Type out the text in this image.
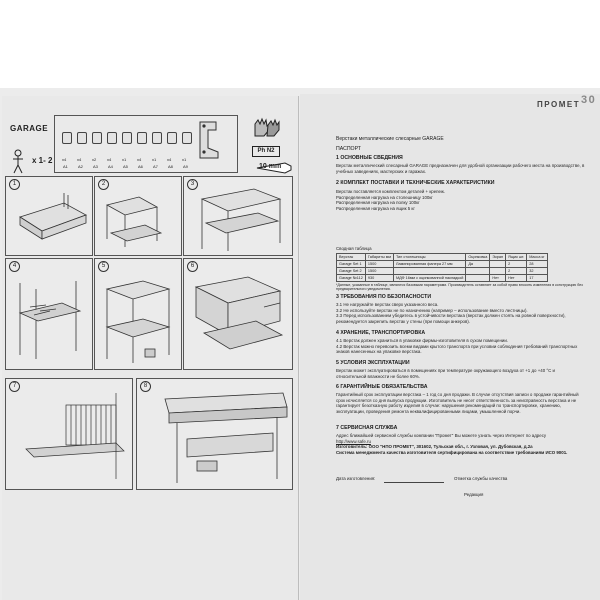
GARAGE
x 1- 2 x4
A1
x4
A2
x2
A3
x4
A4
x1
A5
x4
A6
x1
A7
x4
A8
x1
A9
Ph N2
10 mm
1	2	3
4	5	6
7	8
ПРОМЕТ 30
Верстаки металлические слесарные GARAGE
ПАСПОРТ
1 ОСНОВНЫЕ СВЕДЕНИЯ
Верстак металлический слесарный GARAGE предназначен для удобной организации рабочего места на производстве, в учебных заведениях, мастерских и гаражах.
2 КОМПЛЕКТ ПОСТАВКИ И ТЕХНИЧЕСКИЕ ХАРАКТЕРИСТИКИ
Верстак поставляется комплектом деталей + крепеж.
Распределенная нагрузка на столешницу 100кг
Распределенная нагрузка на полку 100кг
Распределенная нагрузка на ящик 5 кг
Сводная таблица
Верстак	Габариты мм	Тип столешницы	Оцинковка	Экран	Ящик шт.	Масса кг
Garage Set 1	1500	Ламинированная фанера 27 мм	Да		2	28
Garage Set 2	1500				2	32
Garage №112	930	МДФ 16мм с оцинкованной накладкой		Нет	Нет	17
*Данные, указанные в таблице, являются базовыми параметрами. Производитель оставляет за собой право вносить изменения в конструкцию без предварительного уведомления.
3 ТРЕБОВАНИЯ ПО БЕЗОПАСНОСТИ
3.1 Не нагружайте верстак сверх указанного веса.
3.2 Не используйте верстак не по назначению (например – использование вместо лестницы).
3.3 Перед использованием убедитесь в устойчивости верстака (верстак должен стоять на ровной поверхности), рекомендуется закрепить верстак у стены (при помощи анкеров).
4 ХРАНЕНИЕ, ТРАНСПОРТИРОВКА
4.1 Верстак должен храниться в упаковке фирмы-изготовителя в сухом помещении.
4.2 Верстак можно перевозить всеми видами крытого транспорта при условии соблюдения требований транспортных знаков нанесенных на упаковке верстака.
5 УСЛОВИЯ ЭКСПЛУАТАЦИИ
Верстак может эксплуатироваться в помещениях при температуре окружающего воздуха от +1 до +40 °С и относительной влажности не более 60%.
6 ГАРАНТИЙНЫЕ ОБЯЗАТЕЛЬСТВА
Гарантийный срок эксплуатации верстака – 1 год со дня продажи. В случае отсутствия записи о продаже гарантийный срок исчисляется со дня выпуска продукции. Изготовитель не несет ответственность за неисправность верстака и не гарантирует безотказную работу изделия в случае: нарушения рекомендаций по транспортировке, хранению, эксплуатации, проведения ремонта неквалифицированными лицами, умышленной порчи.
7 СЕРВИСНАЯ СЛУЖБА
Адрес ближайшей сервисной службы компании "Промет" Вы можете узнать через Интернет по адресу
http://www.safe.ru
Изготовитель: ООО "НПО ПРОМЕТ", 301602, Тульская обл., г. Узловая, ул. Дубовская, д.2а
Система менеджмента качества изготовителя сертифицирована на соответствие требованиям ИСО 9001.
Дата изготовления:	Отметка службы качества
Редакция
